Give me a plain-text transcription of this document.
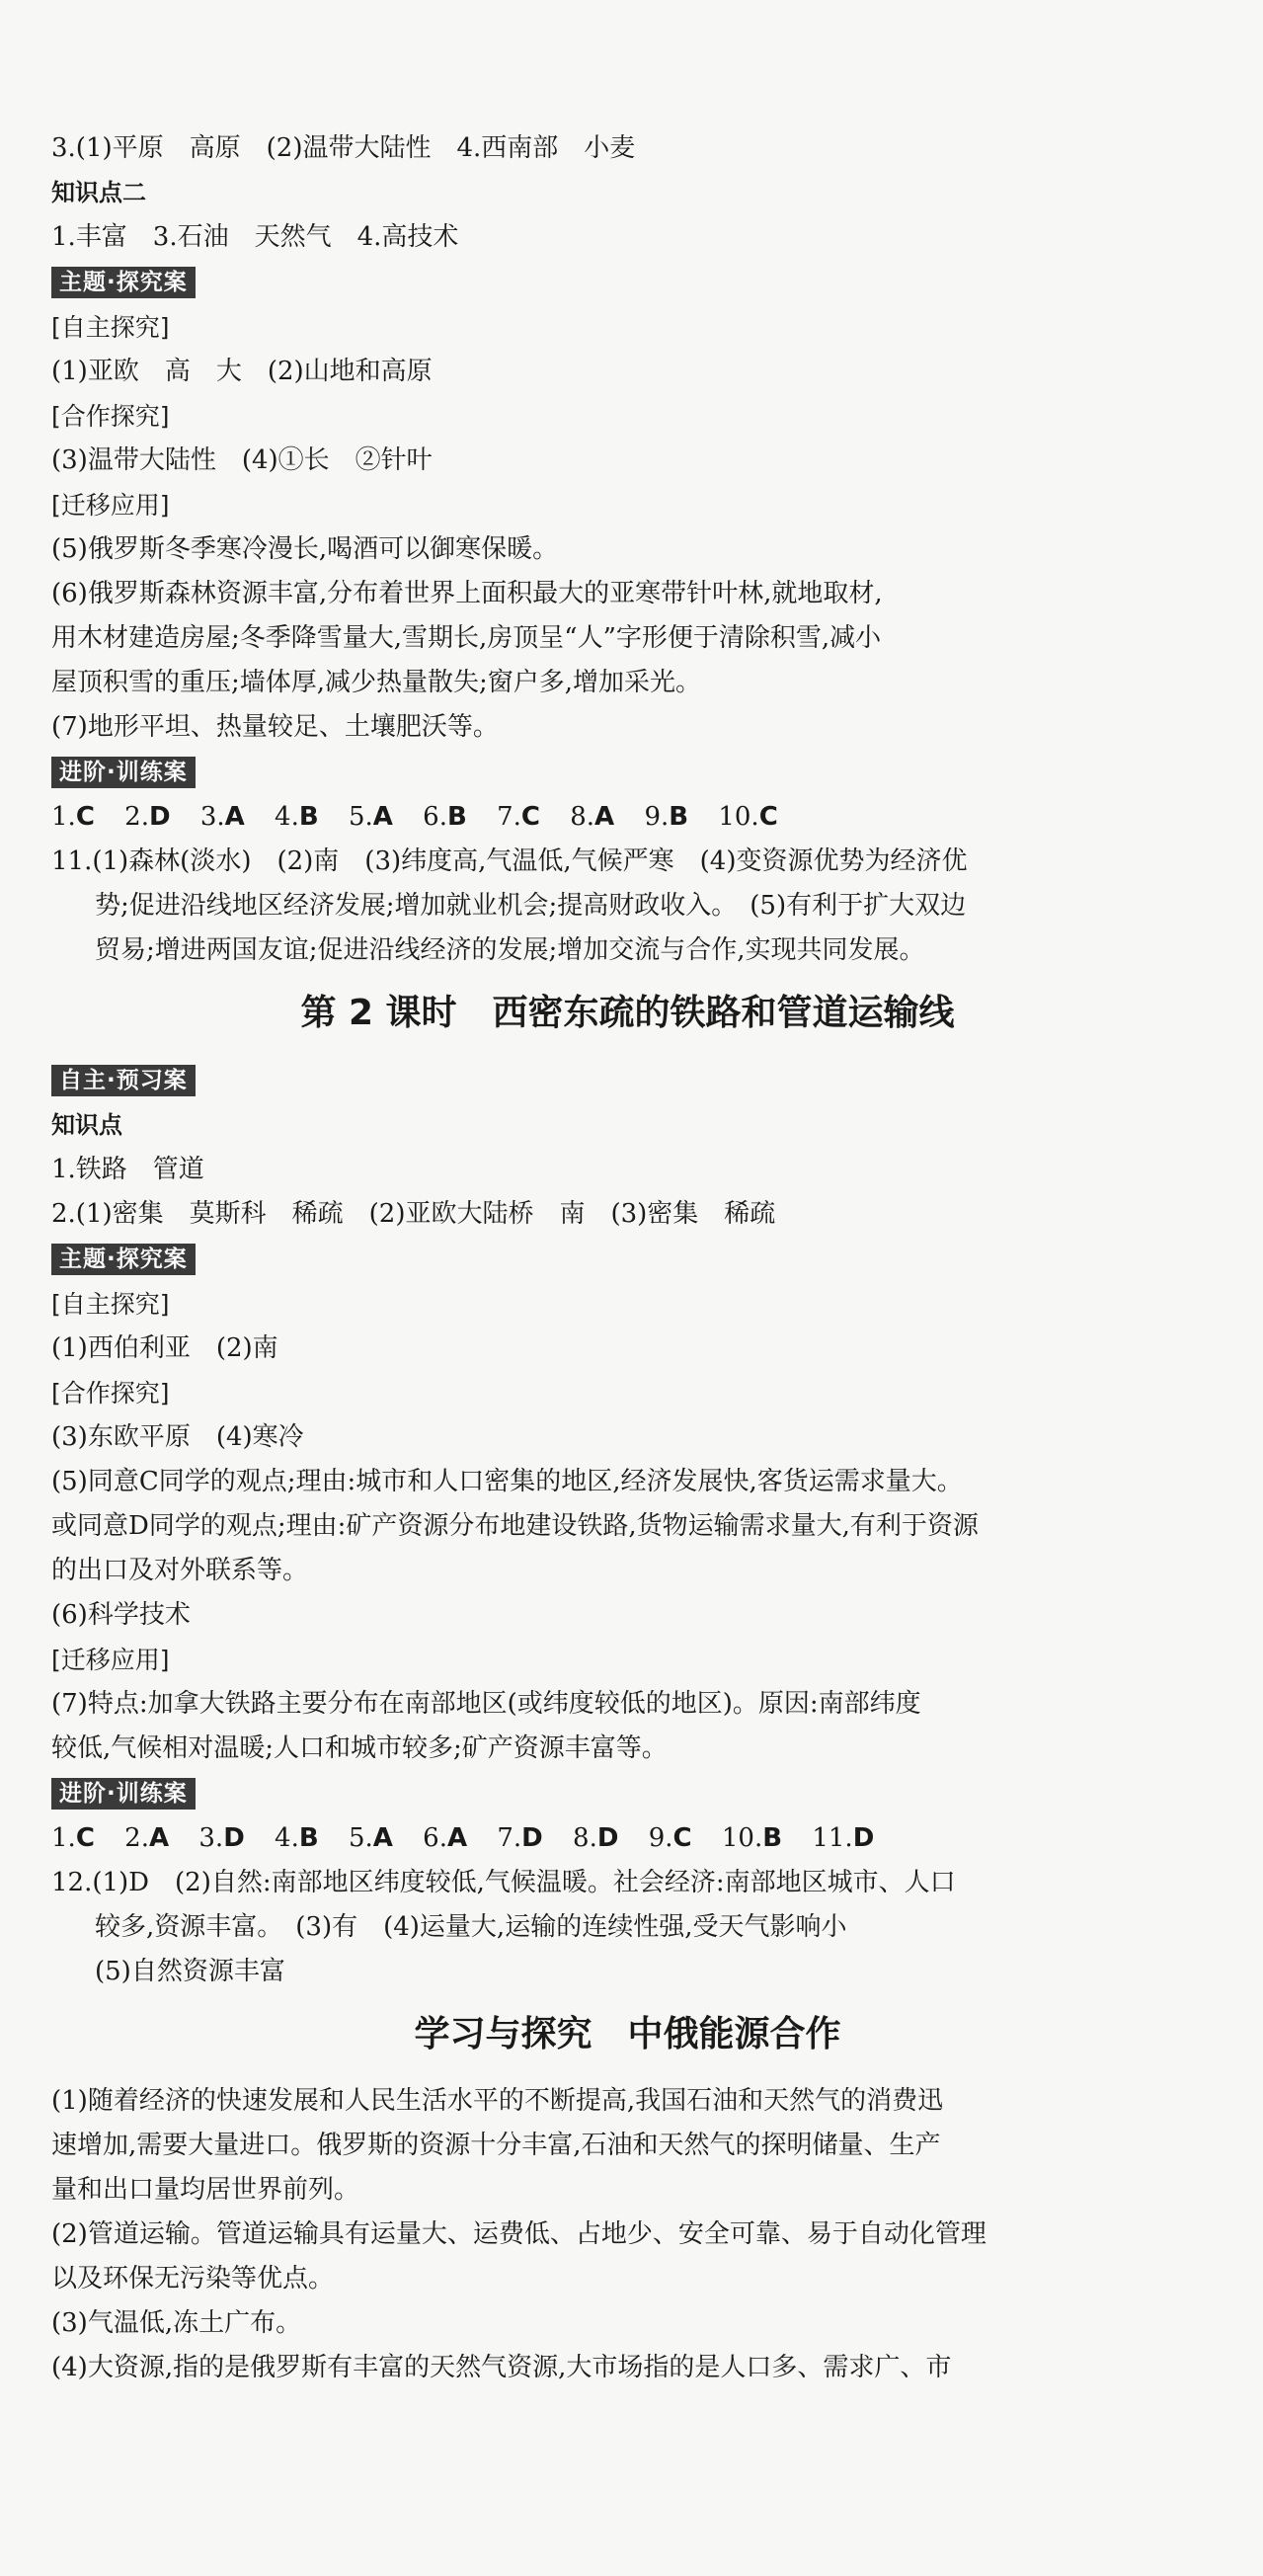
3.(1)平原　高原　(2)温带大陆性　4.西南部　小麦
知识点二
1.丰富　3.石油　天然气　4.高技术
主题·探究案
[自主探究]
(1)亚欧　高　大　(2)山地和高原
[合作探究]
(3)温带大陆性　(4)①长　②针叶
[迁移应用]
(5)俄罗斯冬季寒冷漫长,喝酒可以御寒保暖。
(6)俄罗斯森林资源丰富,分布着世界上面积最大的亚寒带针叶林,就地取材,
用木材建造房屋;冬季降雪量大,雪期长,房顶呈“人”字形便于清除积雪,减小
屋顶积雪的重压;墙体厚,减少热量散失;窗户多,增加采光。
(7)地形平坦、热量较足、土壤肥沃等。
进阶·训练案
1.C 2.D 3.A 4.B 5.A 6.B 7.C 8.A 9.B 10.C
11.(1)森林(淡水)　(2)南　(3)纬度高,气温低,气候严寒　(4)变资源优势为经济优
势;促进沿线地区经济发展;增加就业机会;提高财政收入。　(5)有利于扩大双边
贸易;增进两国友谊;促进沿线经济的发展;增加交流与合作,实现共同发展。
第 2 课时　西密东疏的铁路和管道运输线
自主·预习案
知识点
1.铁路　管道
2.(1)密集　莫斯科　稀疏　(2)亚欧大陆桥　南　(3)密集　稀疏
主题·探究案
[自主探究]
(1)西伯利亚　(2)南
[合作探究]
(3)东欧平原　(4)寒冷
(5)同意C同学的观点;理由:城市和人口密集的地区,经济发展快,客货运需求量大。
或同意D同学的观点;理由:矿产资源分布地建设铁路,货物运输需求量大,有利于资源
的出口及对外联系等。
(6)科学技术
[迁移应用]
(7)特点:加拿大铁路主要分布在南部地区(或纬度较低的地区)。原因:南部纬度
较低,气候相对温暖;人口和城市较多;矿产资源丰富等。
进阶·训练案
1.C 2.A 3.D 4.B 5.A 6.A 7.D 8.D 9.C 10.B 11.D
12.(1)D　(2)自然:南部地区纬度较低,气候温暖。社会经济:南部地区城市、人口
较多,资源丰富。　(3)有　(4)运量大,运输的连续性强,受天气影响小
(5)自然资源丰富
学习与探究　中俄能源合作
(1)随着经济的快速发展和人民生活水平的不断提高,我国石油和天然气的消费迅
速增加,需要大量进口。俄罗斯的资源十分丰富,石油和天然气的探明储量、生产
量和出口量均居世界前列。
(2)管道运输。管道运输具有运量大、运费低、占地少、安全可靠、易于自动化管理
以及环保无污染等优点。
(3)气温低,冻土广布。
(4)大资源,指的是俄罗斯有丰富的天然气资源,大市场指的是人口多、需求广、市
